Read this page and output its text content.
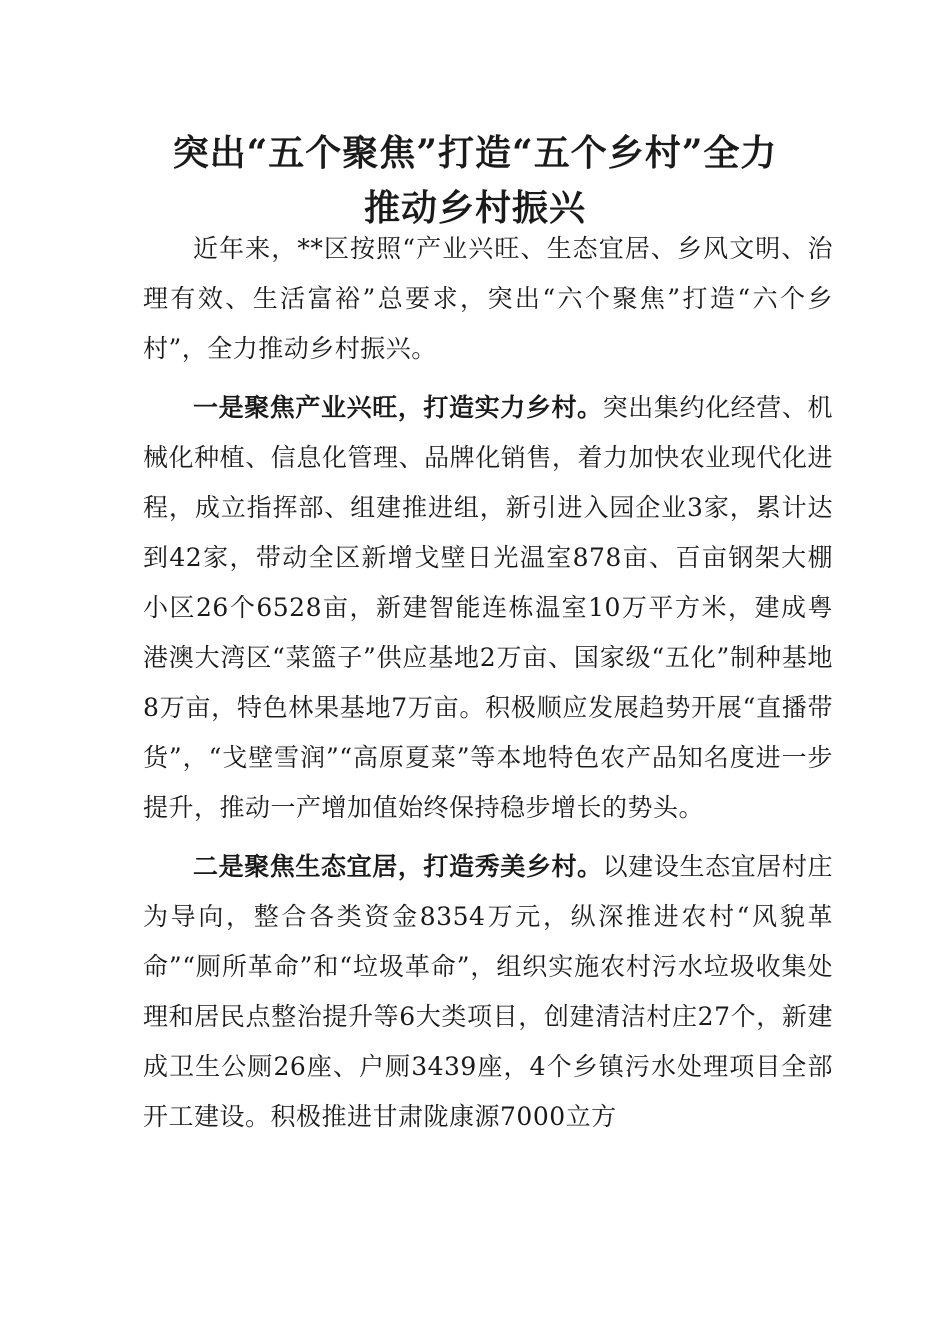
突出“五个聚焦”打造“五个乡村”全力
推动乡村振兴

近年来，**区按照“产业兴旺、生态宜居、乡风文明、治理有效、生活富裕”总要求，突出“六个聚焦”打造“六个乡村”，全力推动乡村振兴。

一是聚焦产业兴旺，打造实力乡村。突出集约化经营、机械化种植、信息化管理、品牌化销售，着力加快农业现代化进程，成立指挥部、组建推进组，新引进入园企业3家，累计达到42家，带动全区新增戈壁日光温室878亩、百亩钢架大棚小区26个6528亩，新建智能连栋温室10万平方米，建成粤港澳大湾区“菜篮子”供应基地2万亩、国家级“五化”制种基地8万亩，特色林果基地7万亩。积极顺应发展趋势开展“直播带货”，“戈壁雪润”“高原夏菜”等本地特色农产品知名度进一步提升，推动一产增加值始终保持稳步增长的势头。

二是聚焦生态宜居，打造秀美乡村。以建设生态宜居村庄为导向，整合各类资金8354万元，纵深推进农村“风貌革命”“厕所革命”和“垃圾革命”，组织实施农村污水垃圾收集处理和居民点整治提升等6大类项目，创建清洁村庄27个，新建成卫生公厕26座、户厕3439座，4个乡镇污水处理项目全部开工建设。积极推进甘肃陇康源7000立方
